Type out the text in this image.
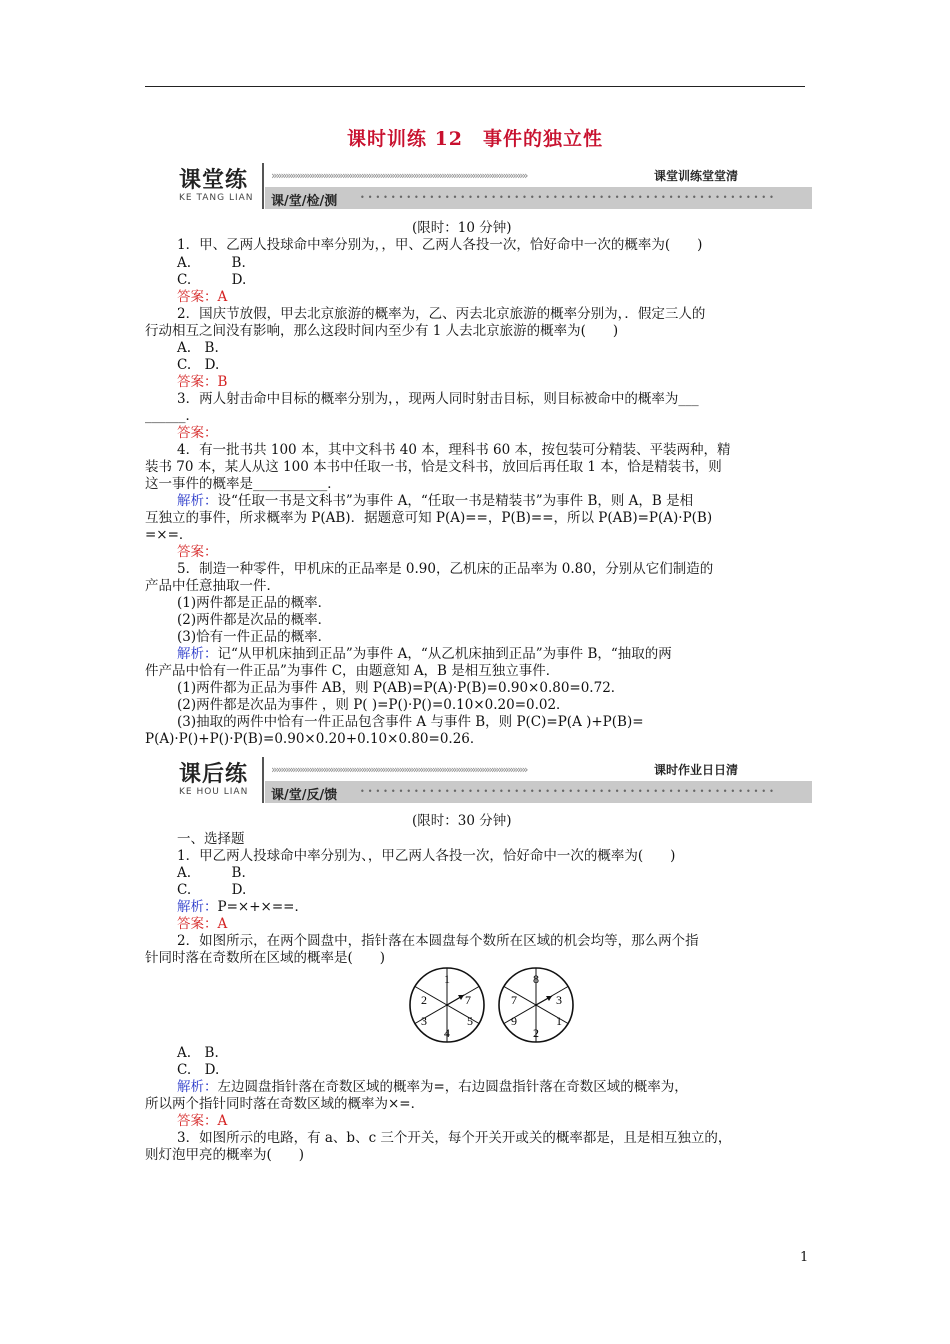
课时训练 12　事件的独立性
课堂练
KE TANG LIAN
»»»»»»»»»»»»»»»»»»»»»»»»»»»»»»»»»»»»»»»»»»»»»»»»»»»»»»	课堂训练堂堂清
课/堂/检/测	••••••••••••••••••••••••••••••••••••••••••••••••••••••
(限时：10 分钟)
1．甲、乙两人投球命中率分别为，，甲、乙两人各投一次，恰好命中一次的概率为(　　)
A.　　　B.
C.　　　D.
答案：A
2．国庆节放假，甲去北京旅游的概率为，乙、丙去北京旅游的概率分别为，．假定三人的
行动相互之间没有影响，那么这段时间内至少有 1 人去北京旅游的概率为(　　)
A.　B.
C.　D.
答案：B
3．两人射击命中目标的概率分别为，，现两人同时射击目标，则目标被命中的概率为___
______．
答案：
4．有一批书共 100 本，其中文科书 40 本，理科书 60 本，按包装可分精装、平装两种，精
装书 70 本，某人从这 100 本书中任取一书，恰是文科书，放回后再任取 1 本，恰是精装书，则
这一事件的概率是___________．
解析：设“任取一书是文科书”为事件 A，“任取一书是精装书”为事件 B，则 A，B 是相
互独立的事件，所求概率为 P(AB)．据题意可知 P(A)==，P(B)==，所以 P(AB)=P(A)·P(B)
=×=．
答案：
5．制造一种零件，甲机床的正品率是 0.90，乙机床的正品率为 0.80，分别从它们制造的
产品中任意抽取一件．
(1)两件都是正品的概率．
(2)两件都是次品的概率．
(3)恰有一件正品的概率．
解析：记“从甲机床抽到正品”为事件 A，“从乙机床抽到正品”为事件 B，“抽取的两
件产品中恰有一件正品”为事件 C，由题意知 A，B 是相互独立事件．
(1)两件都为正品为事件 AB，则 P(AB)=P(A)·P(B)=0.90×0.80=0.72．
(2)两件都是次品为事件 ，则 P( )=P()·P()=0.10×0.20=0.02．
(3)抽取的两件中恰有一件正品包含事件 A 与事件 B，则 P(C)=P(A )+P(B)=
P(A)·P()+P()·P(B)=0.90×0.20+0.10×0.80=0.26．
课后练
KE HOU LIAN
»»»»»»»»»»»»»»»»»»»»»»»»»»»»»»»»»»»»»»»»»»»»»»»»»»»»»»	课时作业日日清
课/堂/反/馈	••••••••••••••••••••••••••••••••••••••••••••••••••••••
(限时：30 分钟)
一、选择题
1．甲乙两人投球命中率分别为、，甲乙两人各投一次，恰好命中一次的概率为(　　)
A.　　　B.
C.　　　D.
解析：P=×+×==．
答案：A
2．如图所示，在两个圆盘中，指针落在本圆盘每个数所在区域的机会均等，那么两个指
针同时落在奇数所在区域的概率是(　　)
1
7
5
4
3
2
8
3
1
2
9
7
A.　B.
C.　D.
解析：左边圆盘指针落在奇数区域的概率为=，右边圆盘指针落在奇数区域的概率为，
所以两个指针同时落在奇数区域的概率为×=．
答案：A
3．如图所示的电路，有 a、b、c 三个开关，每个开关开或关的概率都是，且是相互独立的，
则灯泡甲亮的概率为(　　)
1
